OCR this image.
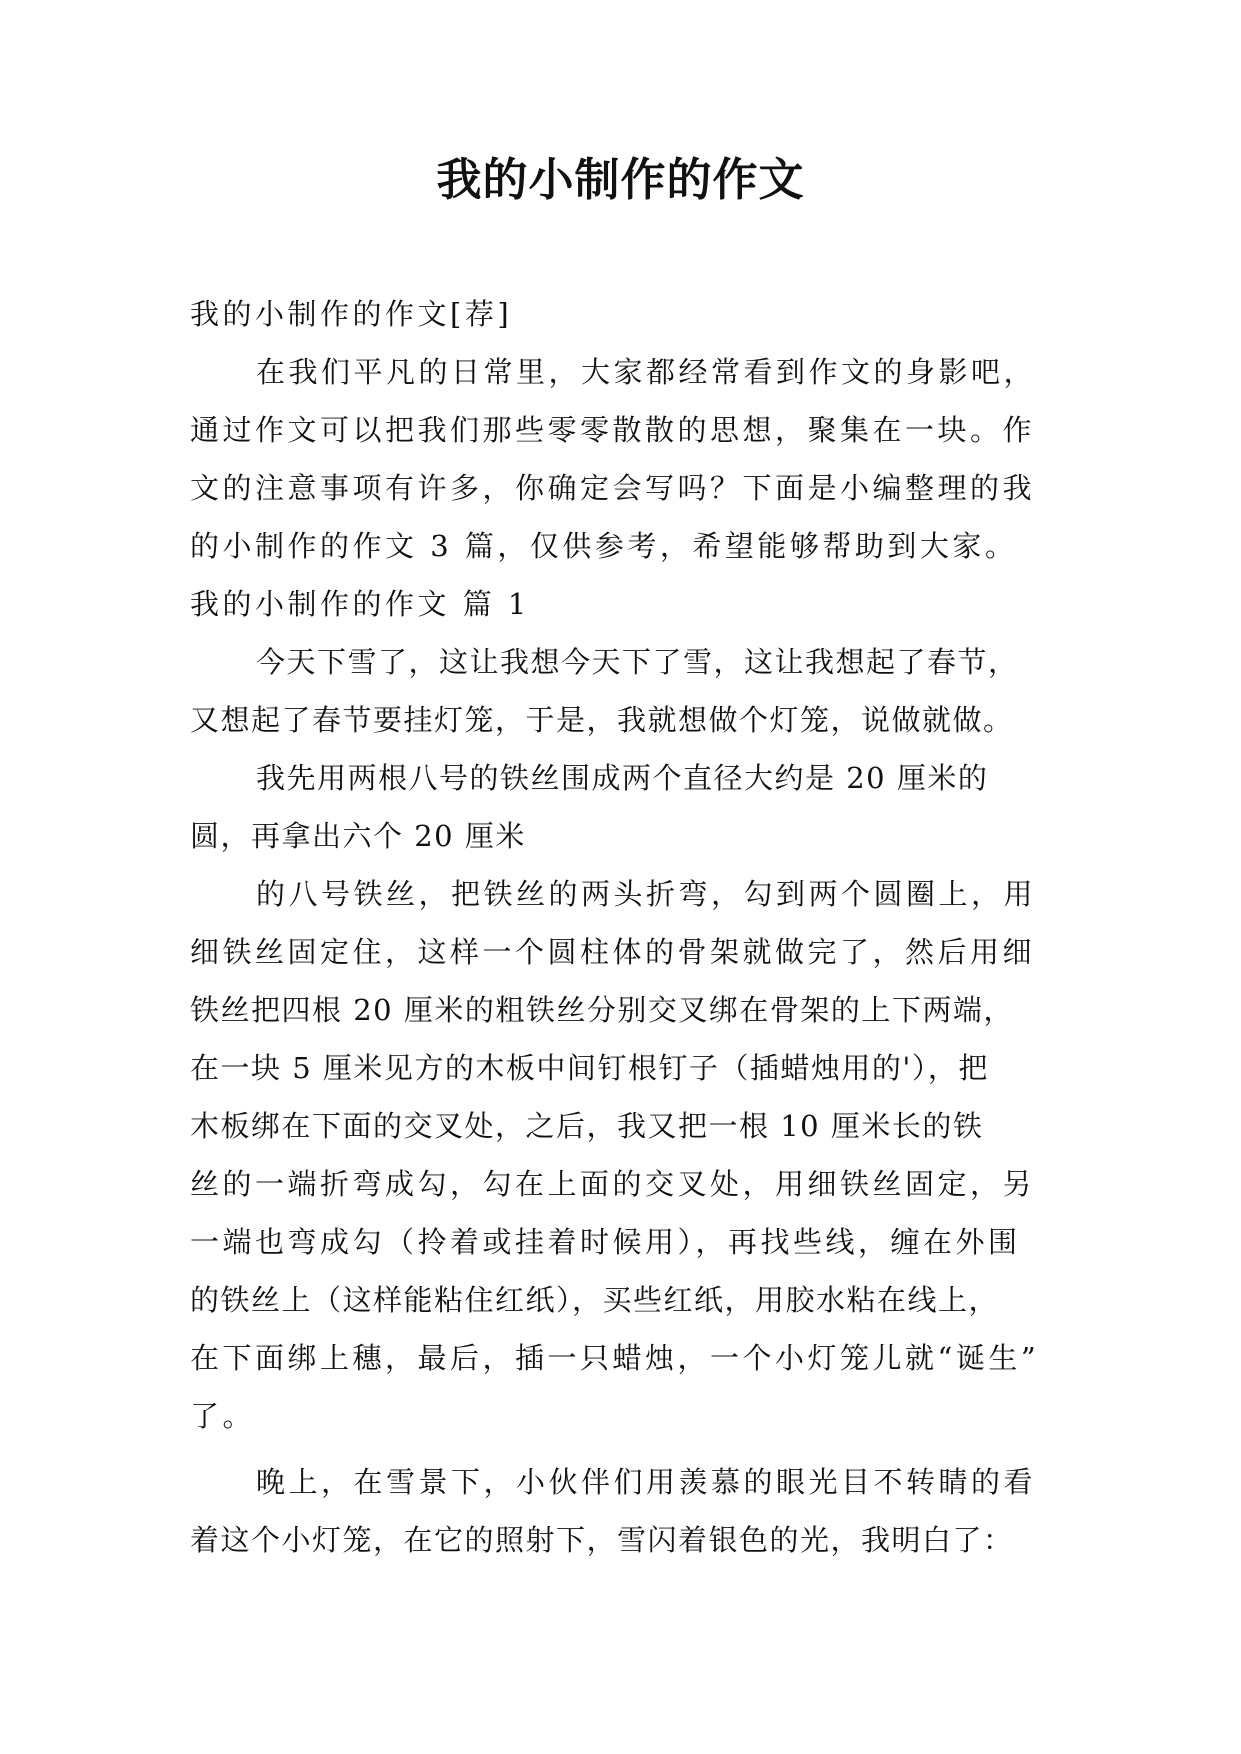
我的小制作的作文
我的小制作的作文[荐]
在我们平凡的日常里，大家都经常看到作文的身影吧，
通过作文可以把我们那些零零散散的思想，聚集在一块。作
文的注意事项有许多，你确定会写吗？下面是小编整理的我
的小制作的作文 3 篇，仅供参考，希望能够帮助到大家。
我的小制作的作文 篇 1
今天下雪了，这让我想今天下了雪，这让我想起了春节，
又想起了春节要挂灯笼，于是，我就想做个灯笼，说做就做。
我先用两根八号的铁丝围成两个直径大约是 20 厘米的
圆，再拿出六个 20 厘米
的八号铁丝，把铁丝的两头折弯，勾到两个圆圈上，用
细铁丝固定住，这样一个圆柱体的骨架就做完了，然后用细
铁丝把四根 20 厘米的粗铁丝分别交叉绑在骨架的上下两端，
在一块 5 厘米见方的木板中间钉根钉子（插蜡烛用的'），把
木板绑在下面的交叉处，之后，我又把一根 10 厘米长的铁
丝的一端折弯成勾，勾在上面的交叉处，用细铁丝固定，另
一端也弯成勾（拎着或挂着时候用），再找些线，缠在外围
的铁丝上（这样能粘住红纸），买些红纸，用胶水粘在线上，
在下面绑上穗，最后，插一只蜡烛，一个小灯笼儿就“诞生”
了。
晚上，在雪景下，小伙伴们用羡慕的眼光目不转睛的看
着这个小灯笼，在它的照射下，雪闪着银色的光，我明白了：
